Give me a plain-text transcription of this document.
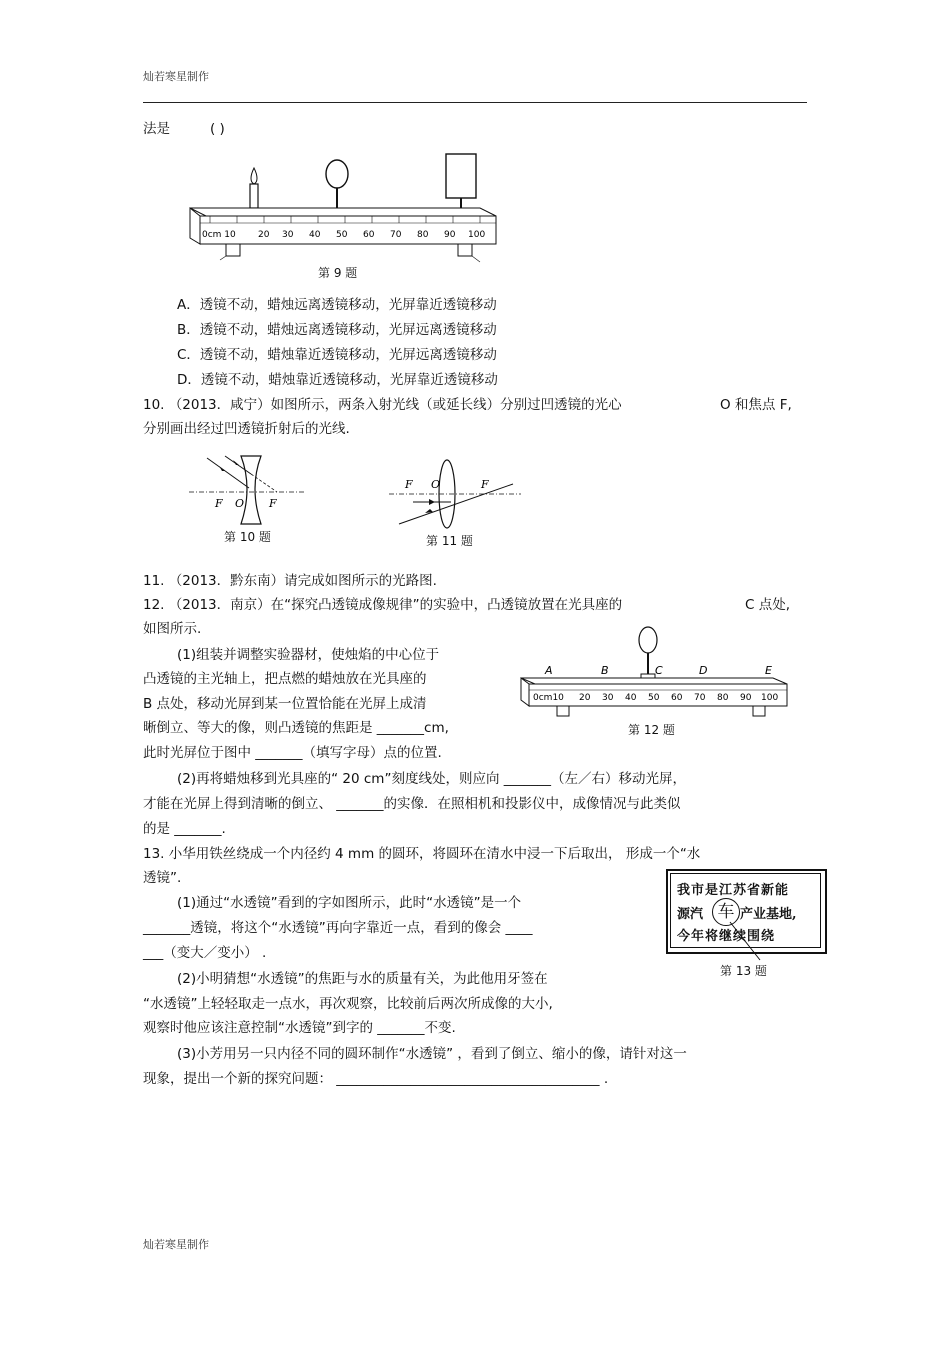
灿若寒星制作
灿若寒星制作
法是	( )
0cm 10 20 30 40 50 60 70 80 90 100
第 9 题
A．透镜不动，蜡烛远离透镜移动，光屏靠近透镜移动
B．透镜不动，蜡烛远离透镜移动，光屏远离透镜移动
C．透镜不动，蜡烛靠近透镜移动，光屏远离透镜移动
D．透镜不动，蜡烛靠近透镜移动，光屏靠近透镜移动
10. （2013．咸宁）如图所示，两条入射光线（或延长线）分别过凹透镜的光心	O 和焦点 F,
分别画出经过凹透镜折射后的光线.
F O F
第 10 题
F O	F
第 11 题
11. （2013．黔东南）请完成如图所示的光路图.
12. （2013．南京）在“探究凸透镜成像规律”的实验中，凸透镜放置在光具座的	C 点处,
如图所示.
(1)组装并调整实验器材，使烛焰的中心位于
凸透镜的主光轴上，把点燃的蜡烛放在光具座的
B 点处，移动光屏到某一位置恰能在光屏上成清
晰倒立、等大的像，则凸透镜的焦距是 _______cm,
此时光屏位于图中 _______（填写字母）点的位置.
A	B	C	D	E
0cm10 20 30 40 50 60 70 80 90 100
第 12 题
(2)再将蜡烛移到光具座的“ 20 cm”刻度线处，则应向 _______（左／右）移动光屏，
才能在光屏上得到清晰的倒立、 _______的实像．在照相机和投影仪中，成像情况与此类似
的是 _______.
13. 小华用铁丝绕成一个内径约 4 mm 的圆环，将圆环在清水中浸一下后取出， 形成一个“水
透镜”.
(1)通过“水透镜”看到的字如图所示，此时“水透镜”是一个
_______透镜，将这个“水透镜”再向字靠近一点，看到的像会 ____
___（变大／变小） .
我市是江苏省新能
源汽 车 产业基地,
今年将继续围绕
第 13 题
(2)小明猜想“水透镜”的焦距与水的质量有关，为此他用牙签在
“水透镜”上轻轻取走一点水，再次观察，比较前后两次所成像的大小,
观察时他应该注意控制“水透镜”到字的 _______不变.
(3)小芳用另一只内径不同的圆环制作“水透镜” ，看到了倒立、缩小的像，请针对这一
现象，提出一个新的探究问题： _______________________________________ .
